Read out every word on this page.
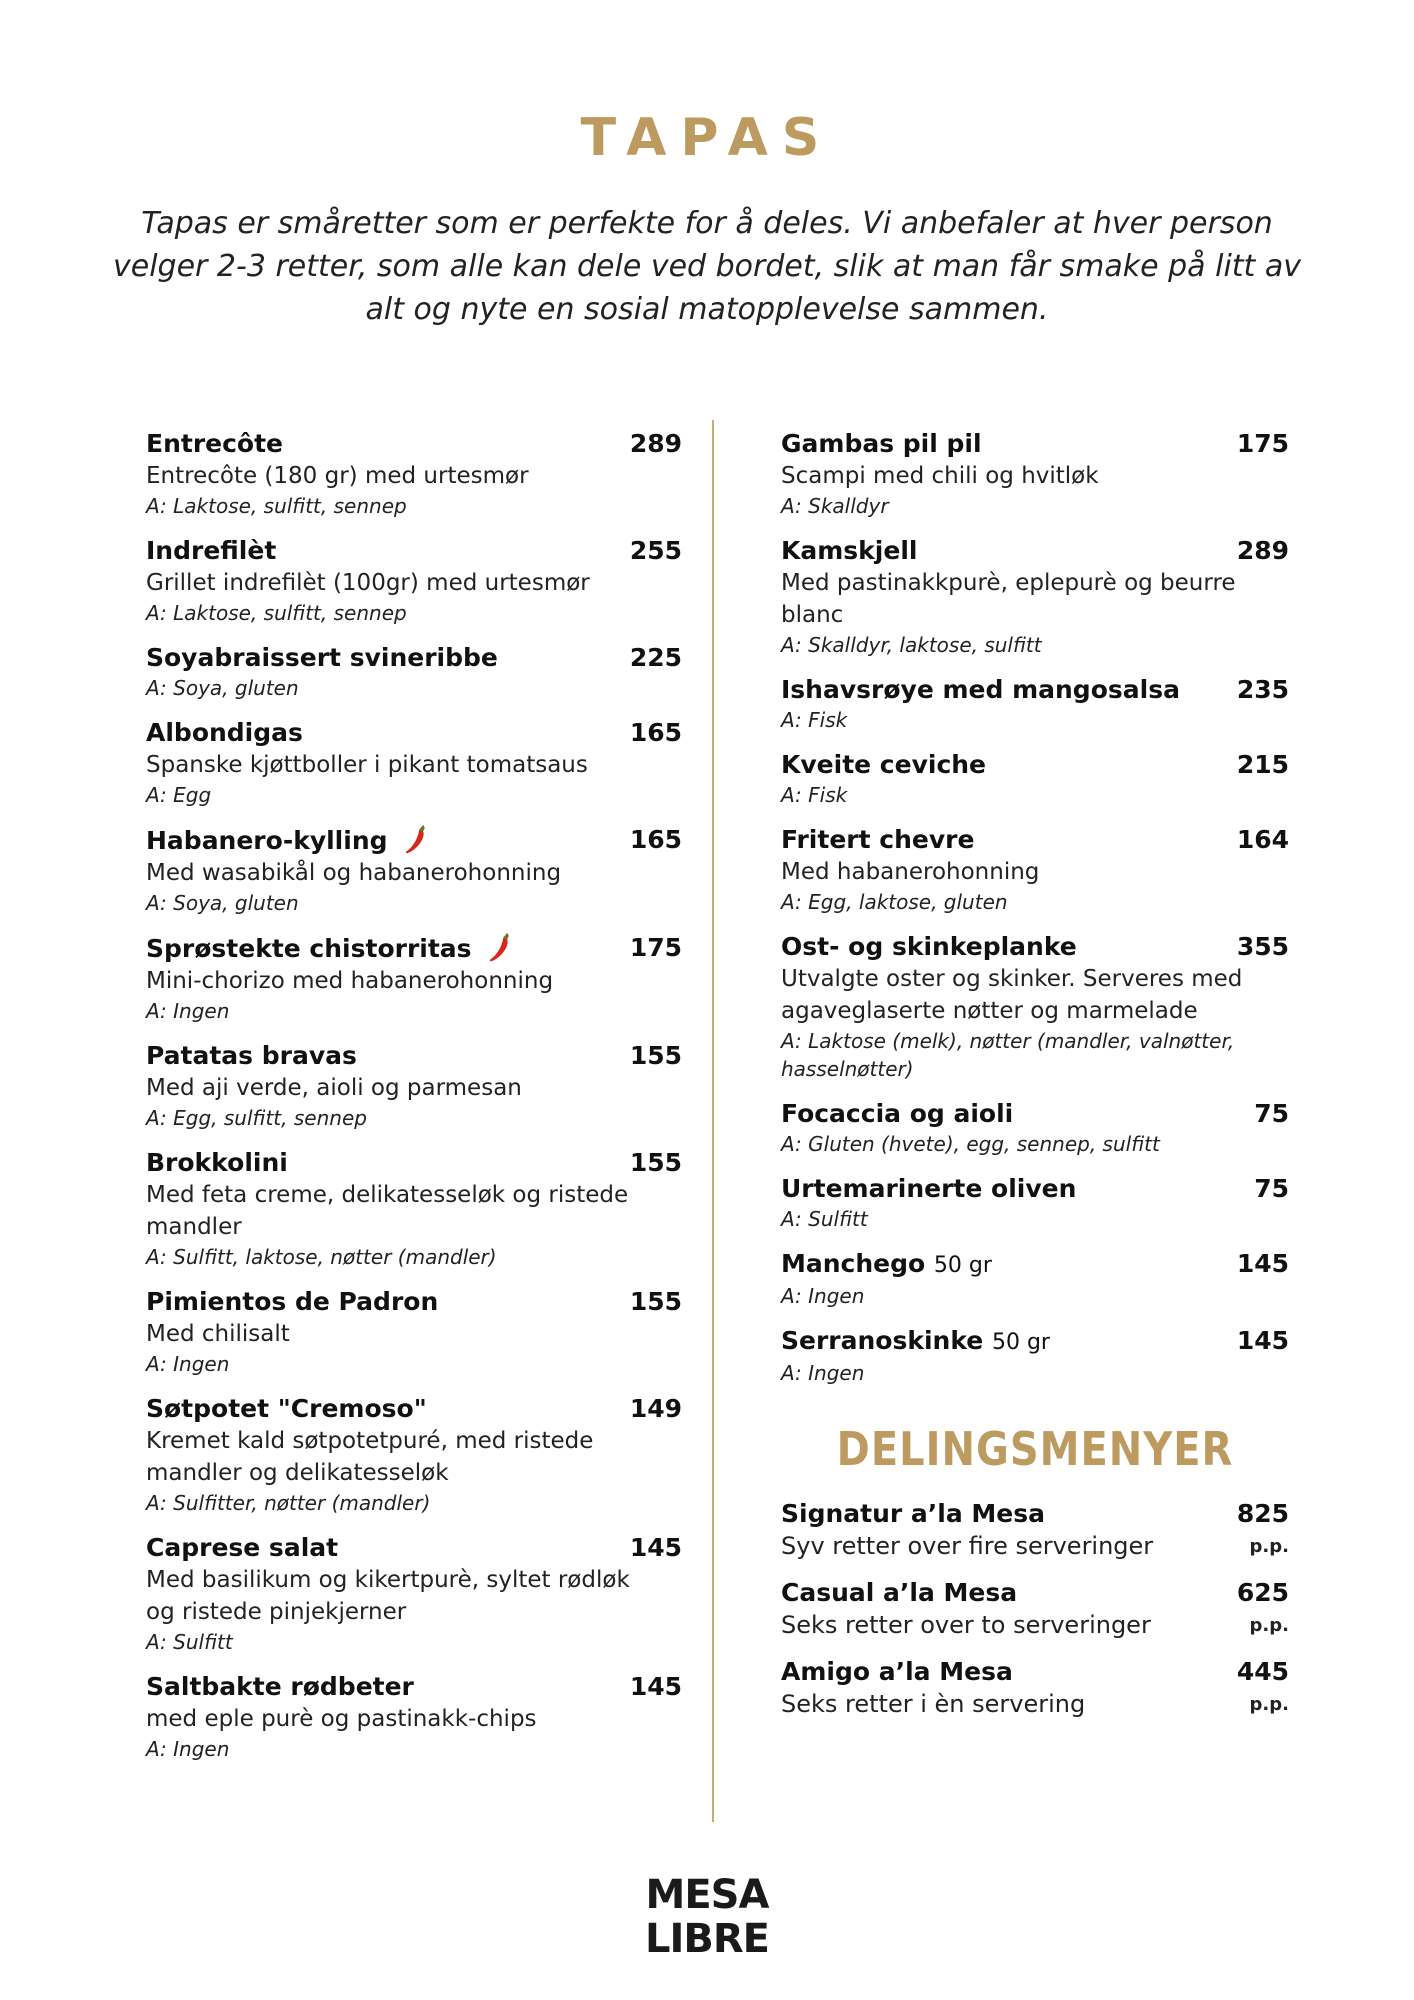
TAPAS
Tapas er småretter som er perfekte for å deles. Vi anbefaler at hver person velger 2-3 retter, som alle kan dele ved bordet, slik at man får smake på litt av alt og nyte en sosial matopplevelse sammen.
Entrecôte	289
Entrecôte (180 gr) med urtesmør
A: Laktose, sulfitt, sennep
Indrefilèt	255
Grillet indrefilèt (100gr) med urtesmør
A: Laktose, sulfitt, sennep
Soyabraissert svineribbe	225
A: Soya, gluten
Albondigas	165
Spanske kjøttboller i pikant tomatsaus
A: Egg
Habanero-kylling	165
Med wasabikål og habanerohonning
A: Soya, gluten
Sprøstekte chistorritas	175
Mini-chorizo med habanerohonning
A: Ingen
Patatas bravas	155
Med aji verde, aioli og parmesan
A: Egg, sulfitt, sennep
Brokkolini	155
Med feta creme, delikatesseløk og ristede mandler
A: Sulfitt, laktose, nøtter (mandler)
Pimientos de Padron	155
Med chilisalt
A: Ingen
Søtpotet "Cremoso"	149
Kremet kald søtpotetpuré, med ristede mandler og delikatesseløk
A: Sulfitter, nøtter (mandler)
Caprese salat	145
Med basilikum og kikertpurè, syltet rødløk og ristede pinjekjerner
A: Sulfitt
Saltbakte rødbeter	145
med eple purè og pastinakk-chips
A: Ingen
Gambas pil pil	175
Scampi med chili og hvitløk
A: Skalldyr
Kamskjell	289
Med pastinakkpurè, eplepurè og beurre blanc
A: Skalldyr, laktose, sulfitt
Ishavsrøye med mangosalsa	235
A: Fisk
Kveite ceviche	215
A: Fisk
Fritert chevre	164
Med habanerohonning
A: Egg, laktose, gluten
Ost- og skinkeplanke	355
Utvalgte oster og skinker. Serveres med agaveglaserte nøtter og marmelade
A: Laktose (melk), nøtter (mandler, valnøtter, hasselnøtter)
Focaccia og aioli	75
A: Gluten (hvete), egg, sennep, sulfitt
Urtemarinerte oliven	75
A: Sulfitt
Manchego 50 gr	145
A: Ingen
Serranoskinke 50 gr	145
A: Ingen
DELINGSMENYER
Signatur a’la Mesa	825
p.p.
Syv retter over fire serveringer
Casual a’la Mesa	625
p.p.
Seks retter over to serveringer
Amigo a’la Mesa	445
p.p.
Seks retter i èn servering
MESA
LIBRE
